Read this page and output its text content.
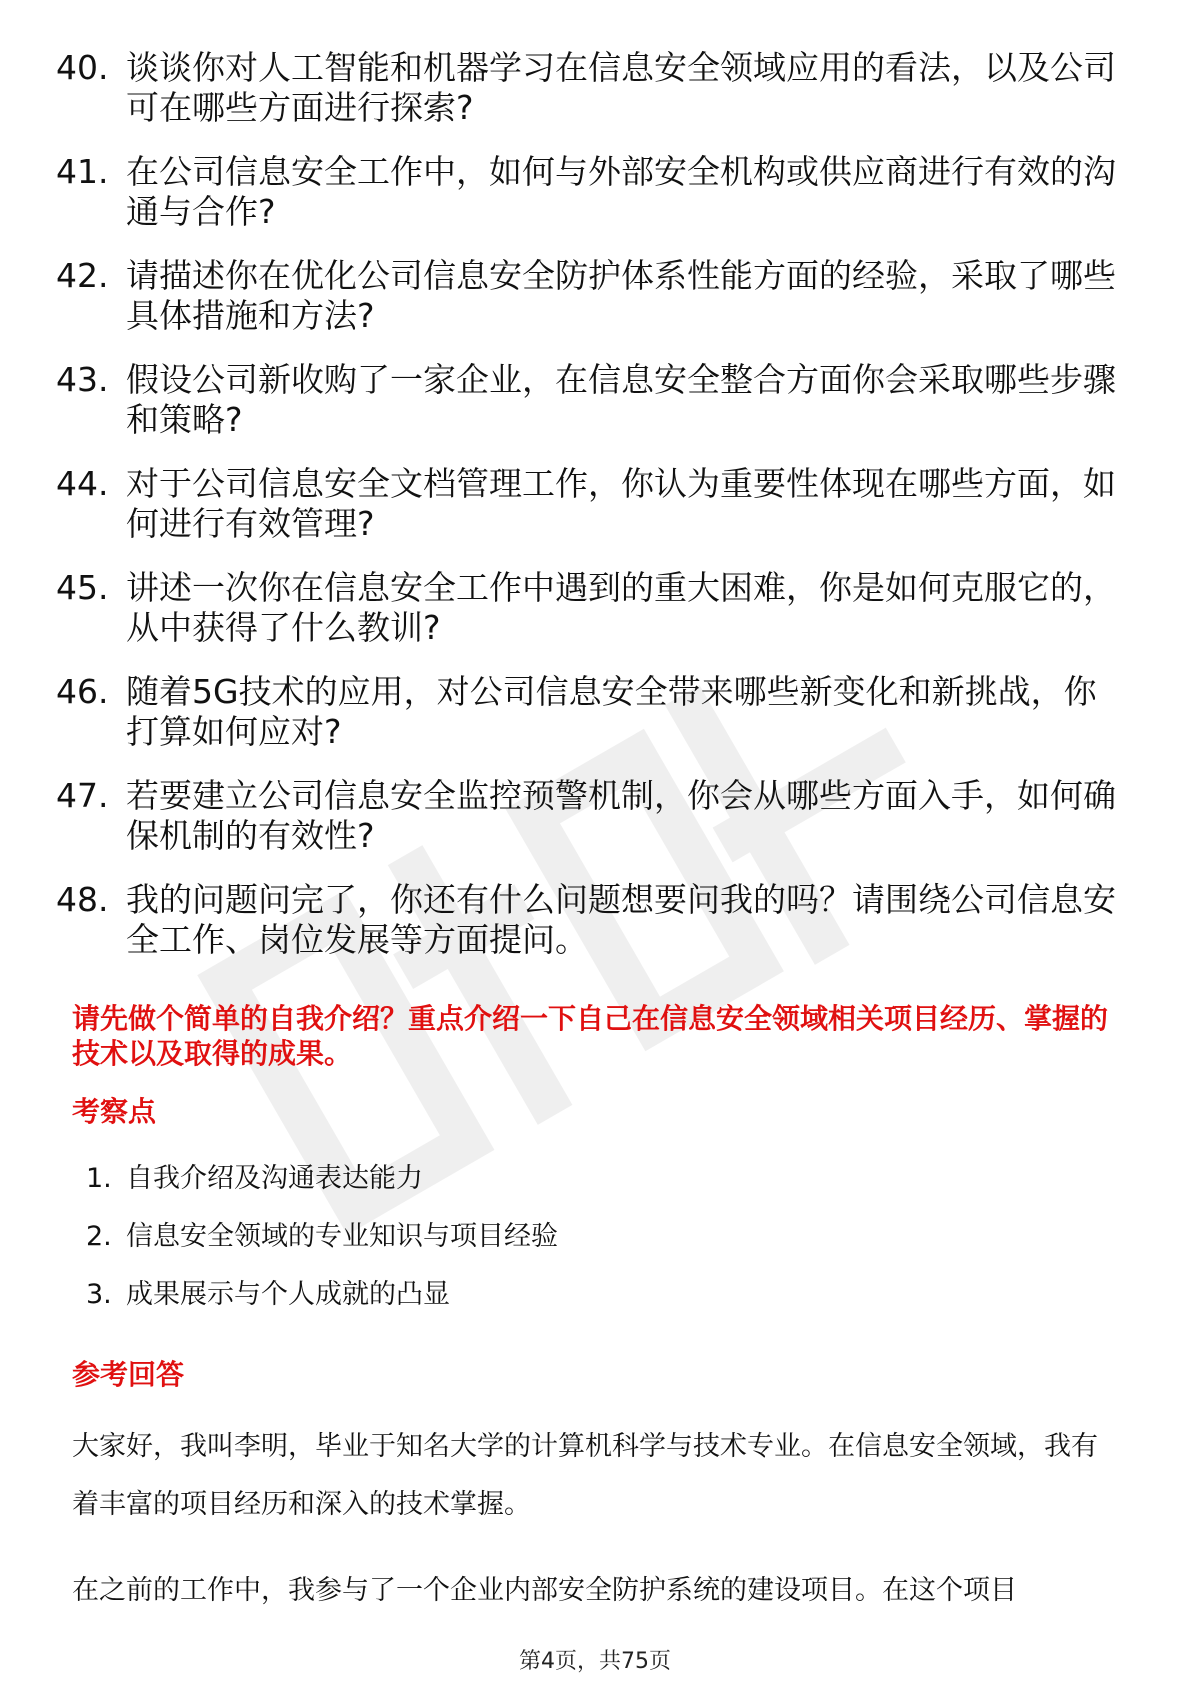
40. 谈谈你对人工智能和机器学习在信息安全领域应用的看法，以及公司可在哪些方面进行探索?
41. 在公司信息安全工作中，如何与外部安全机构或供应商进行有效的沟通与合作?
42. 请描述你在优化公司信息安全防护体系性能方面的经验，采取了哪些具体措施和方法?
43. 假设公司新收购了一家企业，在信息安全整合方面你会采取哪些步骤和策略?
44. 对于公司信息安全文档管理工作，你认为重要性体现在哪些方面，如何进行有效管理?
45. 讲述一次你在信息安全工作中遇到的重大困难，你是如何克服它的，从中获得了什么教训?
46. 随着5G技术的应用，对公司信息安全带来哪些新变化和新挑战，你打算如何应对?
47. 若要建立公司信息安全监控预警机制，你会从哪些方面入手，如何确保机制的有效性?
48. 我的问题问完了，你还有什么问题想要问我的吗？请围绕公司信息安全工作、岗位发展等方面提问。

请先做个简单的自我介绍？重点介绍一下自己在信息安全领域相关项目经历、掌握的技术以及取得的成果。

考察点
1. 自我介绍及沟通表达能力
2. 信息安全领域的专业知识与项目经验
3. 成果展示与个人成就的凸显
参考回答

大家好，我叫李明，毕业于知名大学的计算机科学与技术专业。在信息安全领域，我有着丰富的项目经历和深入的技术掌握。

在之前的工作中，我参与了一个企业内部安全防护系统的建设项目。在这个项目

第4页，共75页
